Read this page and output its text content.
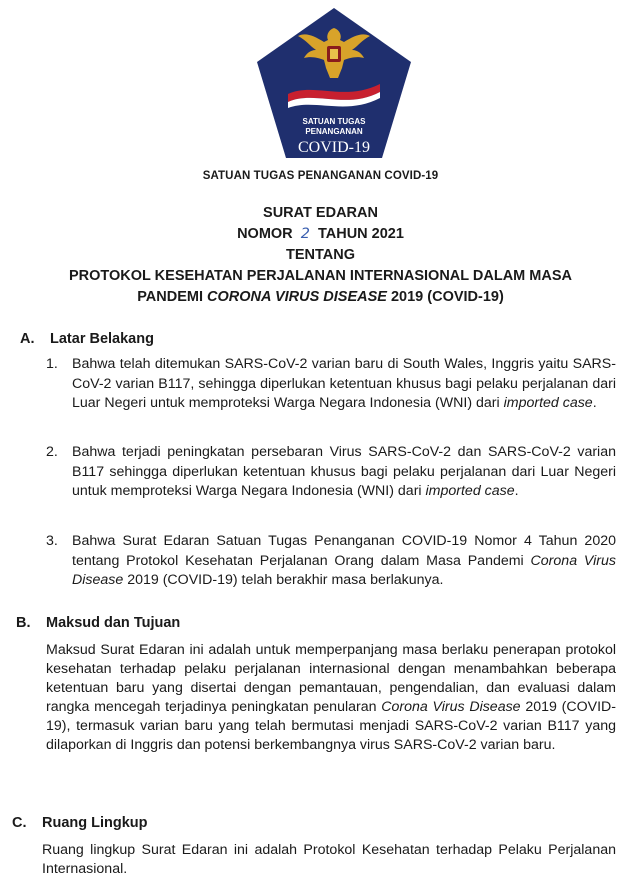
SATUAN TUGAS
PENANGANAN
COVID-19
SATUAN TUGAS PENANGANAN COVID-19
SURAT EDARAN
NOMOR 2 TAHUN 2021
TENTANG
PROTOKOL KESEHATAN PERJALANAN INTERNASIONAL DALAM MASA
PANDEMI CORONA VIRUS DISEASE 2019 (COVID-19)
A. Latar Belakang
1. Bahwa telah ditemukan SARS-CoV-2 varian baru di South Wales, Inggris yaitu SARS-CoV-2 varian B117, sehingga diperlukan ketentuan khusus bagi pelaku perjalanan dari Luar Negeri untuk memproteksi Warga Negara Indonesia (WNI) dari imported case.
2. Bahwa terjadi peningkatan persebaran Virus SARS-CoV-2 dan SARS-CoV-2 varian B117 sehingga diperlukan ketentuan khusus bagi pelaku perjalanan dari Luar Negeri untuk memproteksi Warga Negara Indonesia (WNI) dari imported case.
3. Bahwa Surat Edaran Satuan Tugas Penanganan COVID-19 Nomor 4 Tahun 2020 tentang Protokol Kesehatan Perjalanan Orang dalam Masa Pandemi Corona Virus Disease 2019 (COVID-19) telah berakhir masa berlakunya.
B. Maksud dan Tujuan
Maksud Surat Edaran ini adalah untuk memperpanjang masa berlaku penerapan protokol kesehatan terhadap pelaku perjalanan internasional dengan menambahkan beberapa ketentuan baru yang disertai dengan pemantauan, pengendalian, dan evaluasi dalam rangka mencegah terjadinya peningkatan penularan Corona Virus Disease 2019 (COVID-19), termasuk varian baru yang telah bermutasi menjadi SARS-CoV-2 varian B117 yang dilaporkan di Inggris dan potensi berkembangnya virus SARS-CoV-2 varian baru.
C. Ruang Lingkup
Ruang lingkup Surat Edaran ini adalah Protokol Kesehatan terhadap Pelaku Perjalanan Internasional.
